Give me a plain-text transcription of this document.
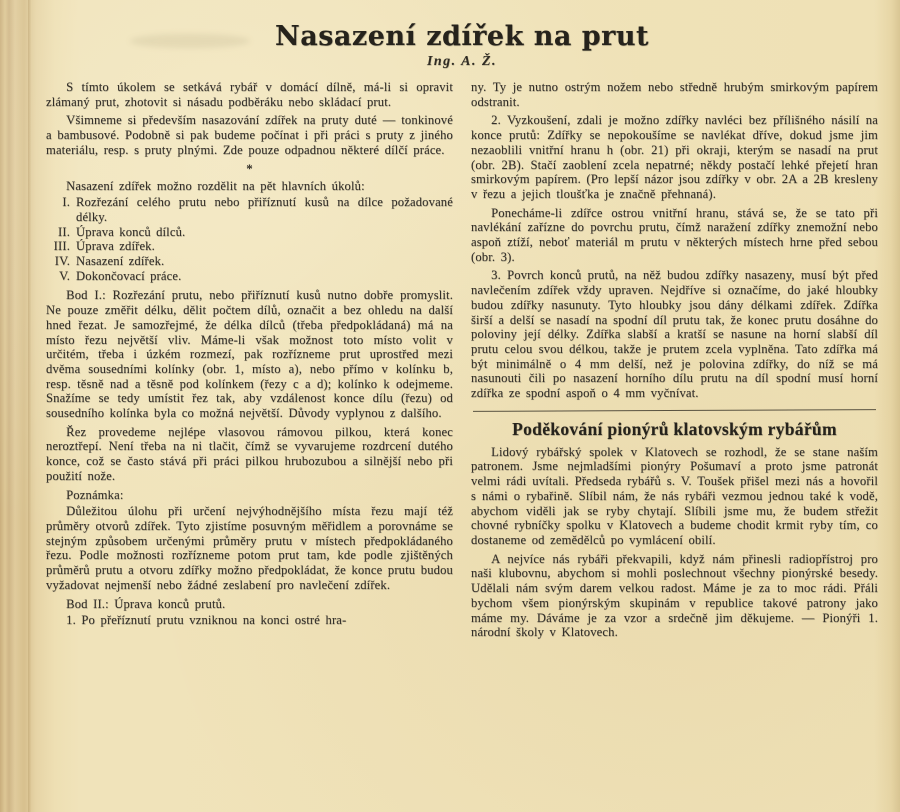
Nasazení zdířek na prut
Ing. A. Ž.

S tímto úkolem se setkává rybář v domácí dílně, má-li si opravit zlámaný prut, zhotovit si násadu podběráku nebo skládací prut.

Všimneme si především nasazování zdířek na pruty duté — tonkinové a bambusové. Podobně si pak budeme počínat i při práci s pruty z jiného materiálu, resp. s pruty plnými. Zde pouze odpadnou některé dílčí práce.

*

Nasazení zdířek možno rozdělit na pět hlavních úkolů:

I. Rozřezání celého prutu nebo přiříznutí kusů na dílce požadované délky.
II. Úprava konců dílců.
III. Úprava zdířek.
IV. Nasazení zdířek.
V. Dokončovací práce.

Bod I.: Rozřezání prutu, nebo přiříznutí kusů nutno dobře promyslit. Ne pouze změřit délku, dělit počtem dílů, označit a bez ohledu na další hned řezat. Je samozřejmé, že délka dílců (třeba předpokládaná) má na místo řezu největší vliv. Máme-li však možnost toto místo volit v určitém, třeba i úzkém rozmezí, pak rozřízneme prut uprostřed mezi dvěma sousedními kolínky (obr. 1, místo a), nebo přímo v kolínku b, resp. těsně nad a těsně pod kolínkem (řezy c a d); kolínko k odejmeme. Snažíme se tedy umístit řez tak, aby vzdálenost konce dílu (řezu) od sousedního kolínka byla co možná největší. Důvody vyplynou z dalšího.

Řez provedeme nejlépe vlasovou rámovou pilkou, která konec neroztřepí. Není třeba na ni tlačit, čímž se vyvarujeme rozdrcení dutého konce, což se často stává při práci pilkou hrubozubou a silnější nebo při použití nože.

Poznámka:

Důležitou úlohu při určení nejvýhodnějšího místa řezu mají též průměry otvorů zdířek. Tyto zjistíme posuvným měřidlem a porovnáme se stejným způsobem určenými průměry prutu v místech předpokládaného řezu. Podle možnosti rozřízneme potom prut tam, kde podle zjištěných průměrů prutu a otvoru zdířky možno předpokládat, že konce prutu budou vyžadovat nejmenší nebo žádné zeslabení pro navlečení zdířek.

Bod II.: Úprava konců prutů.

1. Po přeříznutí prutu vzniknou na konci ostré hra-

ny. Ty je nutno ostrým nožem nebo středně hrubým smirkovým papírem odstranit.

2. Vyzkoušení, zdali je možno zdířky navléci bez přílišného násilí na konce prutů: Zdířky se nepokoušíme se navlékat dříve, dokud jsme jim nezaoblili vnitřní hranu h (obr. 21) při okraji, kterým se nasadí na prut (obr. 2B). Stačí zaoblení zcela nepatrné; někdy postačí lehké přejetí hran smirkovým papírem. (Pro lepší názor jsou zdířky v obr. 2A a 2B kresleny v řezu a jejich tloušťka je značně přehnaná).

Ponecháme-li zdířce ostrou vnitřní hranu, stává se, že se tato při navlékání zařízne do povrchu prutu, čímž naražení zdířky znemožní nebo aspoň ztíží, neboť materiál m prutu v některých místech hrne před sebou (obr. 3).

3. Povrch konců prutů, na něž budou zdířky nasazeny, musí být před navlečením zdířek vždy upraven. Nejdříve si označíme, do jaké hloubky budou zdířky nasunuty. Tyto hloubky jsou dány délkami zdířek. Zdířka širší a delší se nasadí na spodní díl prutu tak, že konec prutu dosáhne do poloviny její délky. Zdířka slabší a kratší se nasune na horní slabší díl prutu celou svou délkou, takže je prutem zcela vyplněna. Tato zdířka má být minimálně o 4 mm delší, než je polovina zdířky, do níž se má nasunouti čili po nasazení horního dílu prutu na díl spodní musí horní zdířka ze spodní aspoň o 4 mm vyčnívat.

Poděkování pionýrů klatovským rybářům

Lidový rybářský spolek v Klatovech se rozhodl, že se stane naším patronem. Jsme nejmladšími pionýry Pošumaví a proto jsme patronát velmi rádi uvítali. Předseda rybářů s. V. Toušek přišel mezi nás a hovořil s námi o rybařině. Slíbil nám, že nás rybáři vezmou jednou také k vodě, abychom viděli jak se ryby chytají. Slíbili jsme mu, že budem střežit chovné rybníčky spolku v Klatovech a budeme chodit krmit ryby tím, co dostaneme od zemědělců po vymlácení obilí.

A nejvíce nás rybáři překvapili, když nám přinesli radiopřístroj pro naši klubovnu, abychom si mohli poslechnout všechny pionýrské besedy. Udělali nám svým darem velkou radost. Máme je za to moc rádi. Přáli bychom všem pionýrským skupinám v republice takové patrony jako máme my. Dáváme je za vzor a srdečně jim děkujeme. — Pionýři 1. národní školy v Klatovech.
